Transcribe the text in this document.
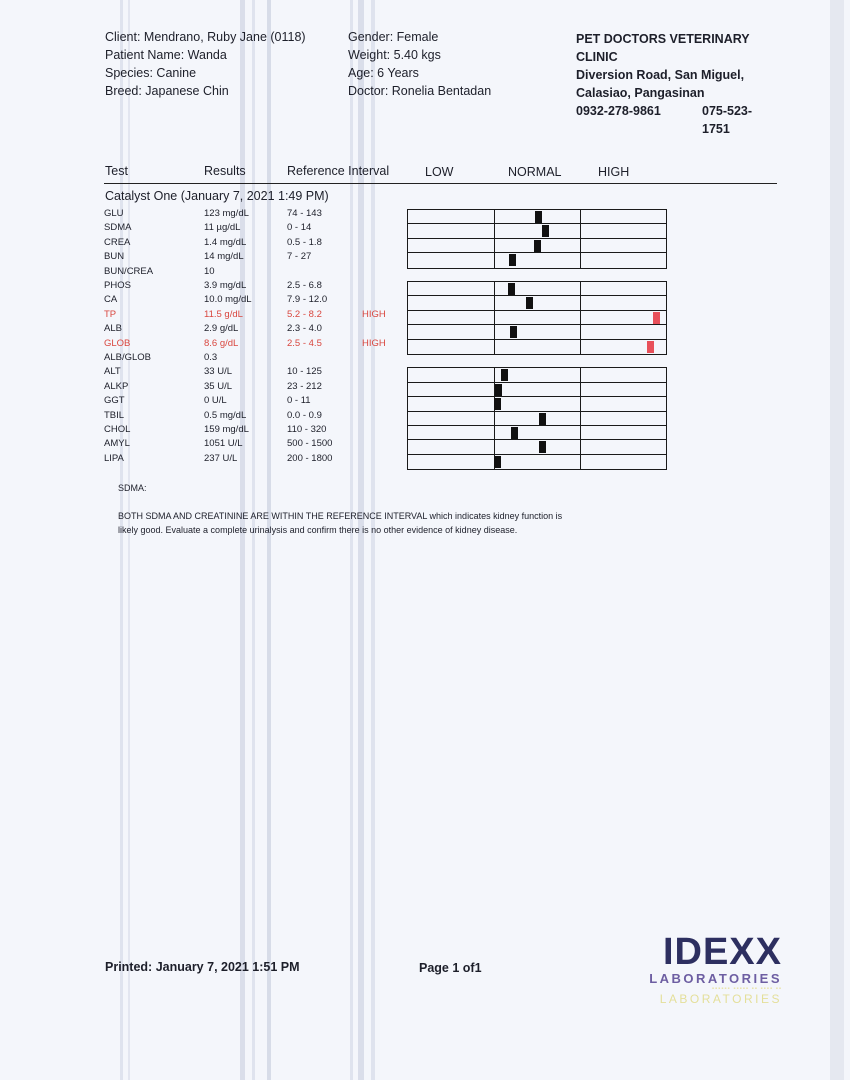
Client: Mendrano, Ruby Jane (0118)
Patient Name: Wanda
Species: Canine
Breed: Japanese Chin
Gender: Female
Weight: 5.40 kgs
Age: 6 Years
Doctor: Ronelia Bentadan
PET DOCTORS VETERINARY CLINIC
Diversion Road, San Miguel,
Calasiao, Pangasinan
0932-278-9861	075-523-1751
Test	Results	Reference Interval	LOW	NORMAL	HIGH
Catalyst One (January 7, 2021 1:49 PM)
GLU	123 mg/dL	74 - 143
SDMA	11 µg/dL	0 - 14
CREA	1.4 mg/dL	0.5 - 1.8
BUN	14 mg/dL	7 - 27
BUN/CREA	10
PHOS	3.9 mg/dL	2.5 - 6.8
CA	10.0 mg/dL	7.9 - 12.0
TP	11.5 g/dL	5.2 - 8.2	HIGH
ALB	2.9 g/dL	2.3 - 4.0
GLOB	8.6 g/dL	2.5 - 4.5	HIGH
ALB/GLOB	0.3
ALT	33 U/L	10 - 125
ALKP	35 U/L	23 - 212
GGT	0 U/L	0 - 11
TBIL	0.5 mg/dL	0.0 - 0.9
CHOL	159 mg/dL	110 - 320
AMYL	1051 U/L	500 - 1500
LIPA	237 U/L	200 - 1800
SDMA:
BOTH SDMA AND CREATININE ARE WITHIN THE REFERENCE INTERVAL which indicates kidney function is
likely good. Evaluate a complete urinalysis and confirm there is no other evidence of kidney disease.
Printed: January 7, 2021 1:51 PM	Page 1 of1	IDEXX
LABORATORIES
▪▪▪▪▪▪ ▪▪▪▪▪ ▪▪ ▪▪▪▪ ▪▪
LABORATORIES
